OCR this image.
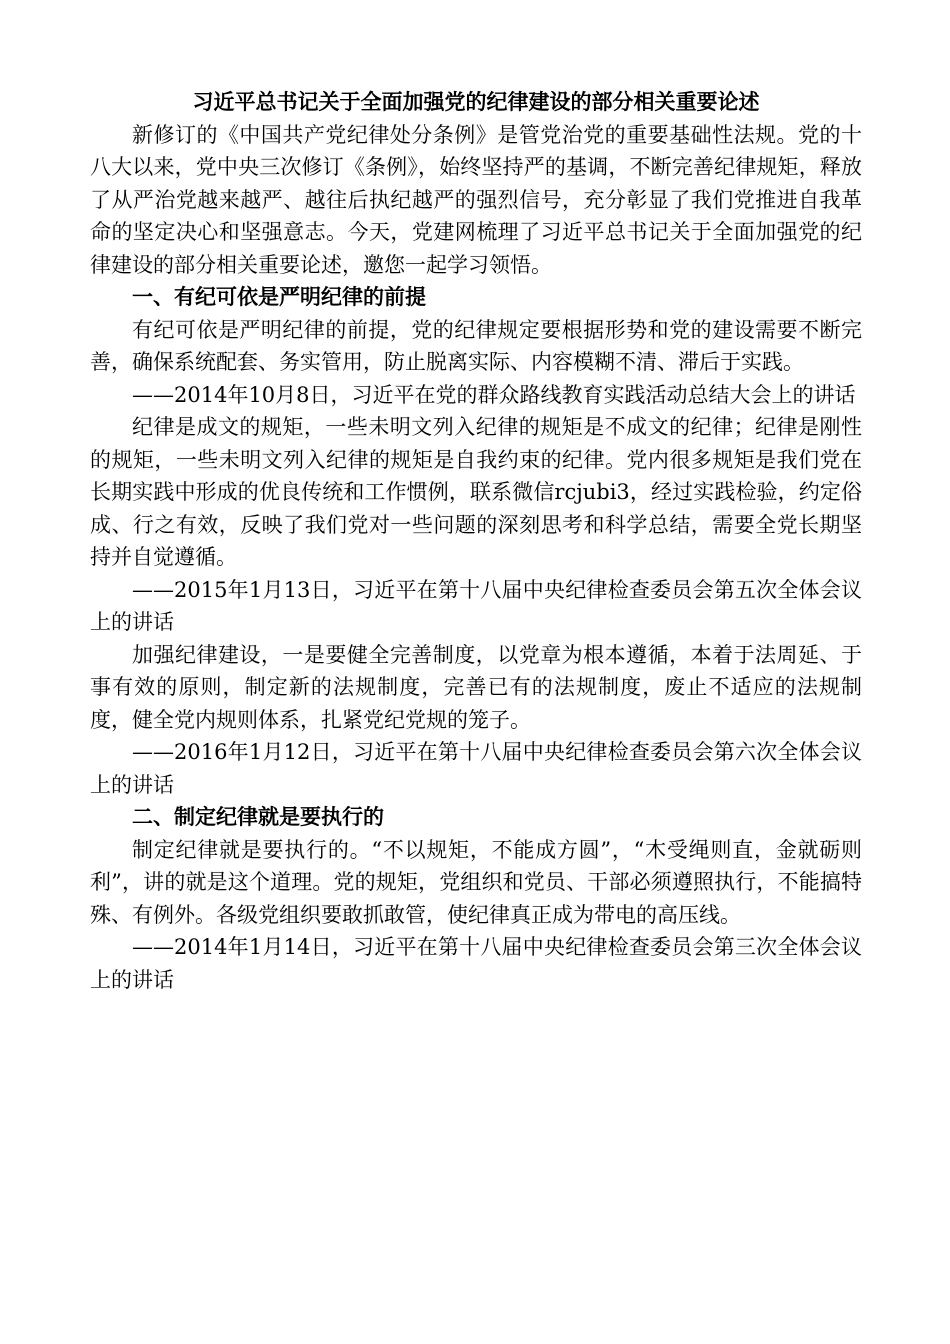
习近平总书记关于全面加强党的纪律建设的部分相关重要论述

新修订的《中国共产党纪律处分条例》是管党治党的重要基础性法规。党的十八大以来，党中央三次修订《条例》，始终坚持严的基调，不断完善纪律规矩，释放了从严治党越来越严、越往后执纪越严的强烈信号，充分彰显了我们党推进自我革命的坚定决心和坚强意志。今天，党建网梳理了习近平总书记关于全面加强党的纪律建设的部分相关重要论述，邀您一起学习领悟。

一、有纪可依是严明纪律的前提

有纪可依是严明纪律的前提，党的纪律规定要根据形势和党的建设需要不断完善，确保系统配套、务实管用，防止脱离实际、内容模糊不清、滞后于实践。

——2014年10月8日，习近平在党的群众路线教育实践活动总结大会上的讲话

纪律是成文的规矩，一些未明文列入纪律的规矩是不成文的纪律；纪律是刚性的规矩，一些未明文列入纪律的规矩是自我约束的纪律。党内很多规矩是我们党在长期实践中形成的优良传统和工作惯例，联系微信rcjubi3，经过实践检验，约定俗成、行之有效，反映了我们党对一些问题的深刻思考和科学总结，需要全党长期坚持并自觉遵循。

——2015年1月13日，习近平在第十八届中央纪律检查委员会第五次全体会议上的讲话

加强纪律建设，一是要健全完善制度，以党章为根本遵循，本着于法周延、于事有效的原则，制定新的法规制度，完善已有的法规制度，废止不适应的法规制度，健全党内规则体系，扎紧党纪党规的笼子。

——2016年1月12日，习近平在第十八届中央纪律检查委员会第六次全体会议上的讲话

二、制定纪律就是要执行的

制定纪律就是要执行的。“不以规矩，不能成方圆”，“木受绳则直，金就砺则利”，讲的就是这个道理。党的规矩，党组织和党员、干部必须遵照执行，不能搞特殊、有例外。各级党组织要敢抓敢管，使纪律真正成为带电的高压线。

——2014年1月14日，习近平在第十八届中央纪律检查委员会第三次全体会议上的讲话
